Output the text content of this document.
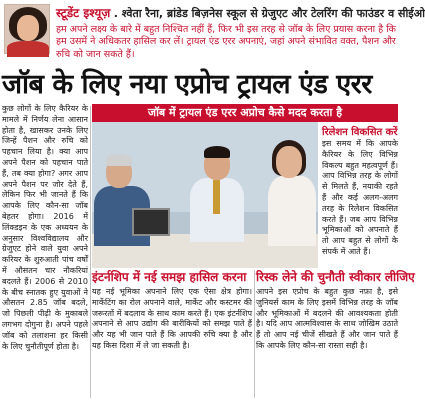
स्टूडेंट इश्यूज़ . श्वेता रैना, ब्रांडेड बिज़नेस स्कूल से ग्रेजुएट और टेलरिंग की फाउंडर व सीईओ
हम अपने लक्ष्य के बारे में बहुत निश्चित नहीं हैं, फिर भी इस तरह से जॉब के लिए प्रयास करना है कि हम उसमें ने अधिकतर हासिल कर लें। ट्रायल एंड एरर अपनाएं, जहां अपने संभावित वक्त, पैशन और रुचि को जान सकते हैं।
जॉब के लिए नया एप्रोच ट्रायल एंड एरर
कुछ लोगों के लिए कैरियर के मामले में निर्णय लेना आसान होता है, खासकर उनके लिए जिन्हें पैशन और रुचि को पहचान लिया है। क्या आप अपने पैशन को पहचान पाते हैं, तब क्या होगा? अगर आप अपने पैशन पर जोर देते हैं, लेकिन फिर भी जानते हैं कि आपके लिए कौन-सा जॉब बेहतर होगा। 2016 में लिंक्डइन के एक अध्ययन के अनुसार विश्वविद्यालय और ग्रेजुएट होने वाले युवा अपने करियर के शुरुआती पांच वर्षों में औसतन चार नौकरियां बदलते हैं। 2006 से 2010 के बीच स्नातक हुए युवाओं ने औसतन 2.85 जॉब बदले, जो पिछली पीढ़ी के मुकाबले लगभग दोगुना है। अपने पहले जॉब को तलाशना हर किसी के लिए चुनौतीपूर्ण होता है।
जॉब में ट्रायल एंड एरर अप्रोच कैसे मदद करता है
रिलेशन विकसित करें
इस समय में कि आपके कैरियर के लिए विभिन्न विकल्प बहुत महत्वपूर्ण हैं। आप विभिन्न तरह के लोगों से मिलते हैं, नयाकी रहते हैं और कई अलग-अलग तरह के रिलेशन विकसित करते हैं। जब आप विभिन्न भूमिकाओं को अपनाते हैं तो आप बहुत से लोगों के संपर्क में आते हैं।
इंटर्नशिप में नई समझ हासिल करना रिस्क लेने की चुनौती स्वीकार लीजिए
यह नई भूमिका अपनाने लिए एक ऐसा क्षेत्र होगा। मार्केटिंग का रोल अपनाने वाले, मार्केट और कस्टमर की जरूरतों में बदलाव के साथ काम करते हैं। एक इंटर्नशिप अपनाने से आप उद्योग की बारीकियों को समझ पाते हैं और यह भी जान पाते हैं कि आपकी रुचि क्या है और यह किस दिशा में ले जा सकती है।
आपने इस एप्रोच के बहुत कुछ नफ़ा है, इसे जुनियर्स काम के लिए इसमें विभिन्न तरह के जॉब और भूमिकाओं में बदलने की आवश्यकता होती है। यदि आप आत्मविश्वास के साथ जोखिम उठाते हैं तो आप नई चीजें सीखते हैं और जान पाते हैं कि आपके लिए कौन-सा रास्ता सही है।
